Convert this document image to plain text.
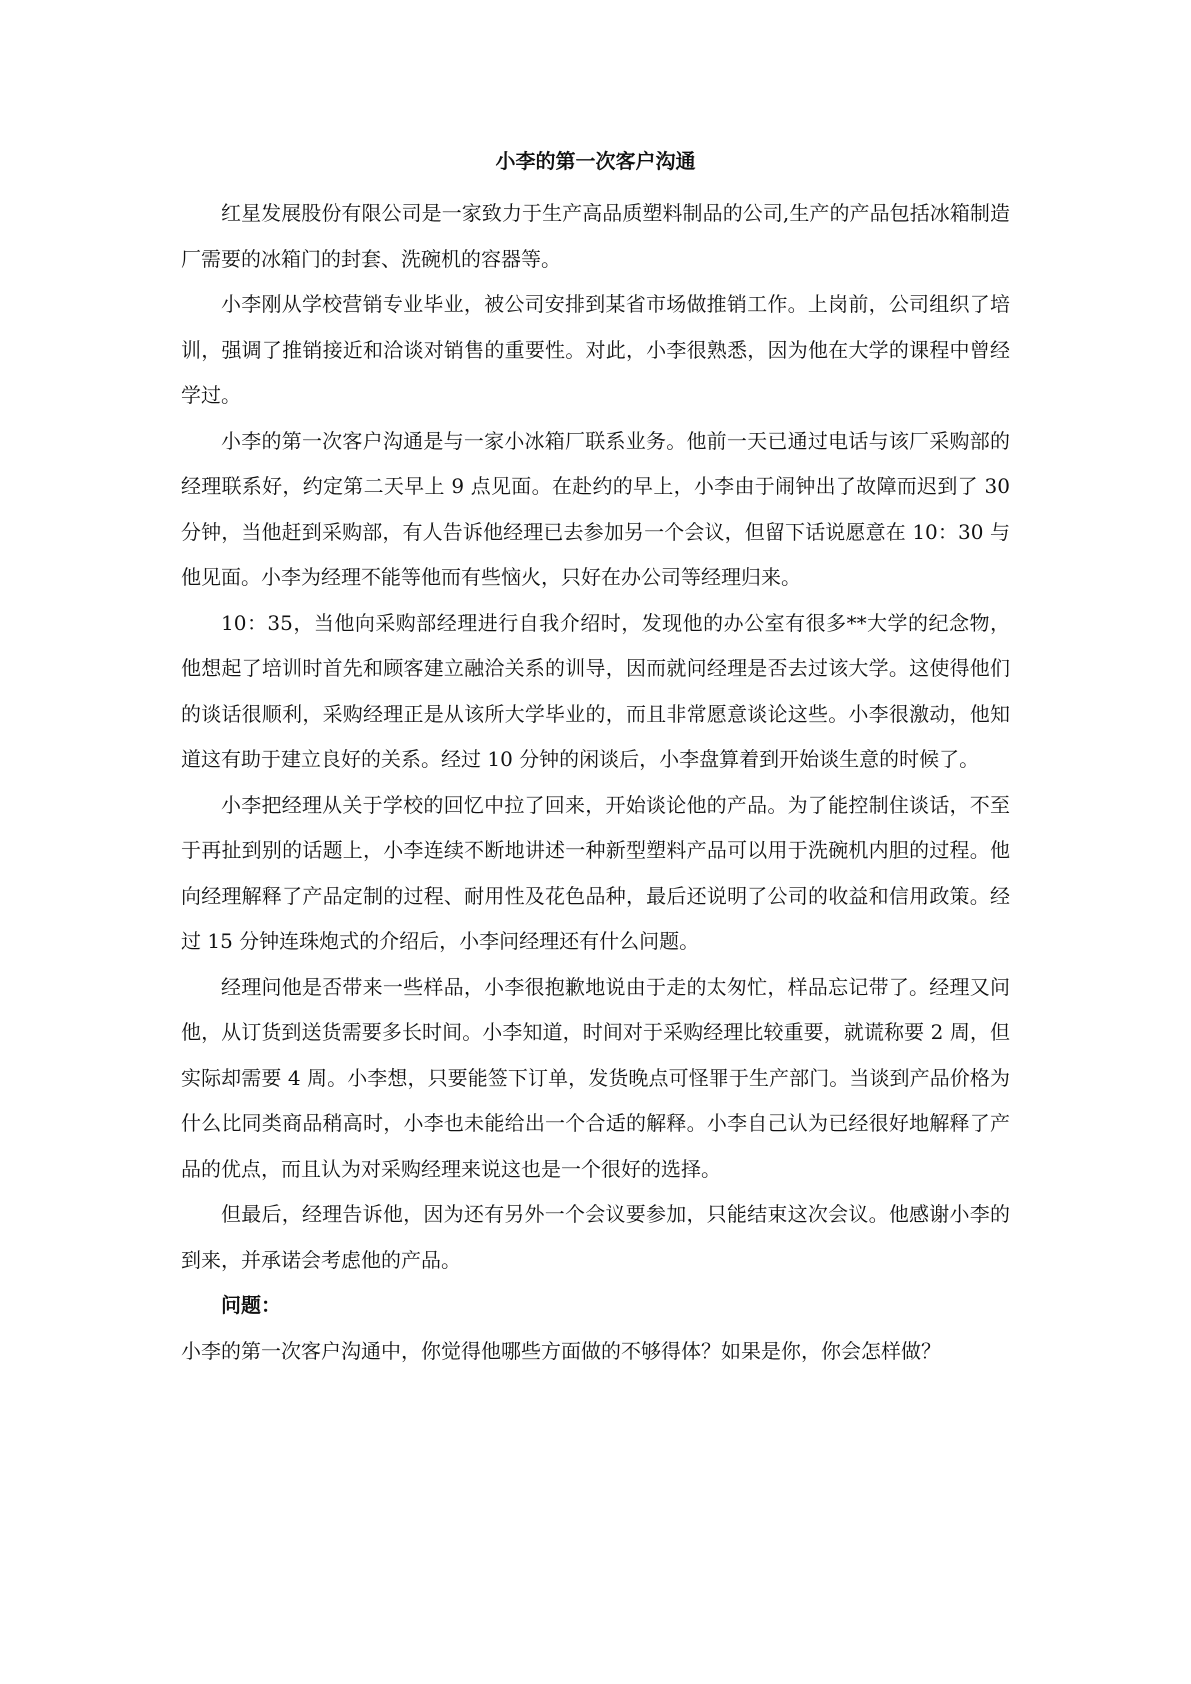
小李的第一次客户沟通

红星发展股份有限公司是一家致力于生产高品质塑料制品的公司,生产的产品包括冰箱制造厂需要的冰箱门的封套、洗碗机的容器等。

小李刚从学校营销专业毕业，被公司安排到某省市场做推销工作。上岗前，公司组织了培训，强调了推销接近和洽谈对销售的重要性。对此，小李很熟悉，因为他在大学的课程中曾经学过。

小李的第一次客户沟通是与一家小冰箱厂联系业务。他前一天已通过电话与该厂采购部的经理联系好，约定第二天早上 9 点见面。在赴约的早上，小李由于闹钟出了故障而迟到了 30 分钟，当他赶到采购部，有人告诉他经理已去参加另一个会议，但留下话说愿意在 10：30 与他见面。小李为经理不能等他而有些恼火，只好在办公司等经理归来。

10：35，当他向采购部经理进行自我介绍时，发现他的办公室有很多**大学的纪念物，他想起了培训时首先和顾客建立融洽关系的训导，因而就问经理是否去过该大学。这使得他们的谈话很顺利，采购经理正是从该所大学毕业的，而且非常愿意谈论这些。小李很激动，他知道这有助于建立良好的关系。经过 10 分钟的闲谈后，小李盘算着到开始谈生意的时候了。

小李把经理从关于学校的回忆中拉了回来，开始谈论他的产品。为了能控制住谈话，不至于再扯到别的话题上，小李连续不断地讲述一种新型塑料产品可以用于洗碗机内胆的过程。他向经理解释了产品定制的过程、耐用性及花色品种，最后还说明了公司的收益和信用政策。经过 15 分钟连珠炮式的介绍后，小李问经理还有什么问题。

经理问他是否带来一些样品，小李很抱歉地说由于走的太匆忙，样品忘记带了。经理又问他，从订货到送货需要多长时间。小李知道，时间对于采购经理比较重要，就谎称要 2 周，但实际却需要 4 周。小李想，只要能签下订单，发货晚点可怪罪于生产部门。当谈到产品价格为什么比同类商品稍高时，小李也未能给出一个合适的解释。小李自己认为已经很好地解释了产品的优点，而且认为对采购经理来说这也是一个很好的选择。

但最后，经理告诉他，因为还有另外一个会议要参加，只能结束这次会议。他感谢小李的到来，并承诺会考虑他的产品。

问题：

小李的第一次客户沟通中，你觉得他哪些方面做的不够得体？如果是你，你会怎样做？
